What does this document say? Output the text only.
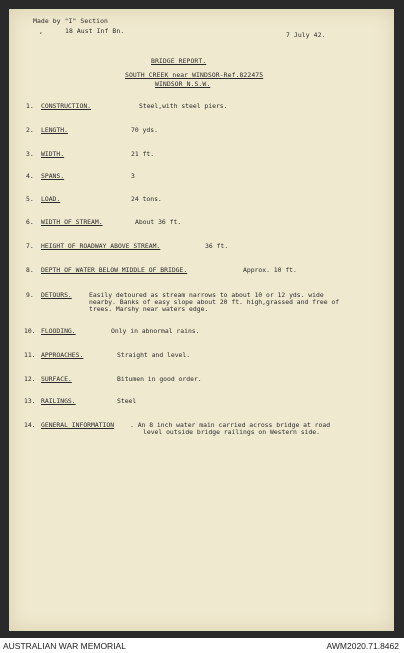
Made by "I" Section
18 Aust Inf Bn.	7 July 42.
,
BRIDGE REPORT.
SOUTH CREEK near WINDSOR-Ref.822475
WINDSOR N.S.W.
1. CONSTRUCTION.	Steel,with steel piers.
2. LENGTH.	70 yds.
3. WIDTH.	21 ft.
4. SPANS.	3
5. LOAD.	24 tons.
6. WIDTH OF STREAM.	About 36 ft.
7. HEIGHT OF ROADWAY ABOVE STREAM.	36 ft.
8. DEPTH OF WATER BELOW MIDDLE OF BRIDGE.	Approx. 10 ft.
9. DETOURS.	Easily detoured as stream narrows to about 10 or 12 yds. wide
nearby. Banks of easy slope about 20 ft. high,grassed and free of
trees. Marshy near waters edge.
10. FLOODING.	Only in abnormal rains.
11. APPROACHES.	Straight and level.
12. SURFACE.	Bitumen in good order.
13. RAILINGS.	Steel
14. GENERAL INFORMATION . An 8 inch water main carried across bridge at road
level outside bridge railings on Western side.
AUSTRALIAN WAR MEMORIAL	AWM2020.71.8462
